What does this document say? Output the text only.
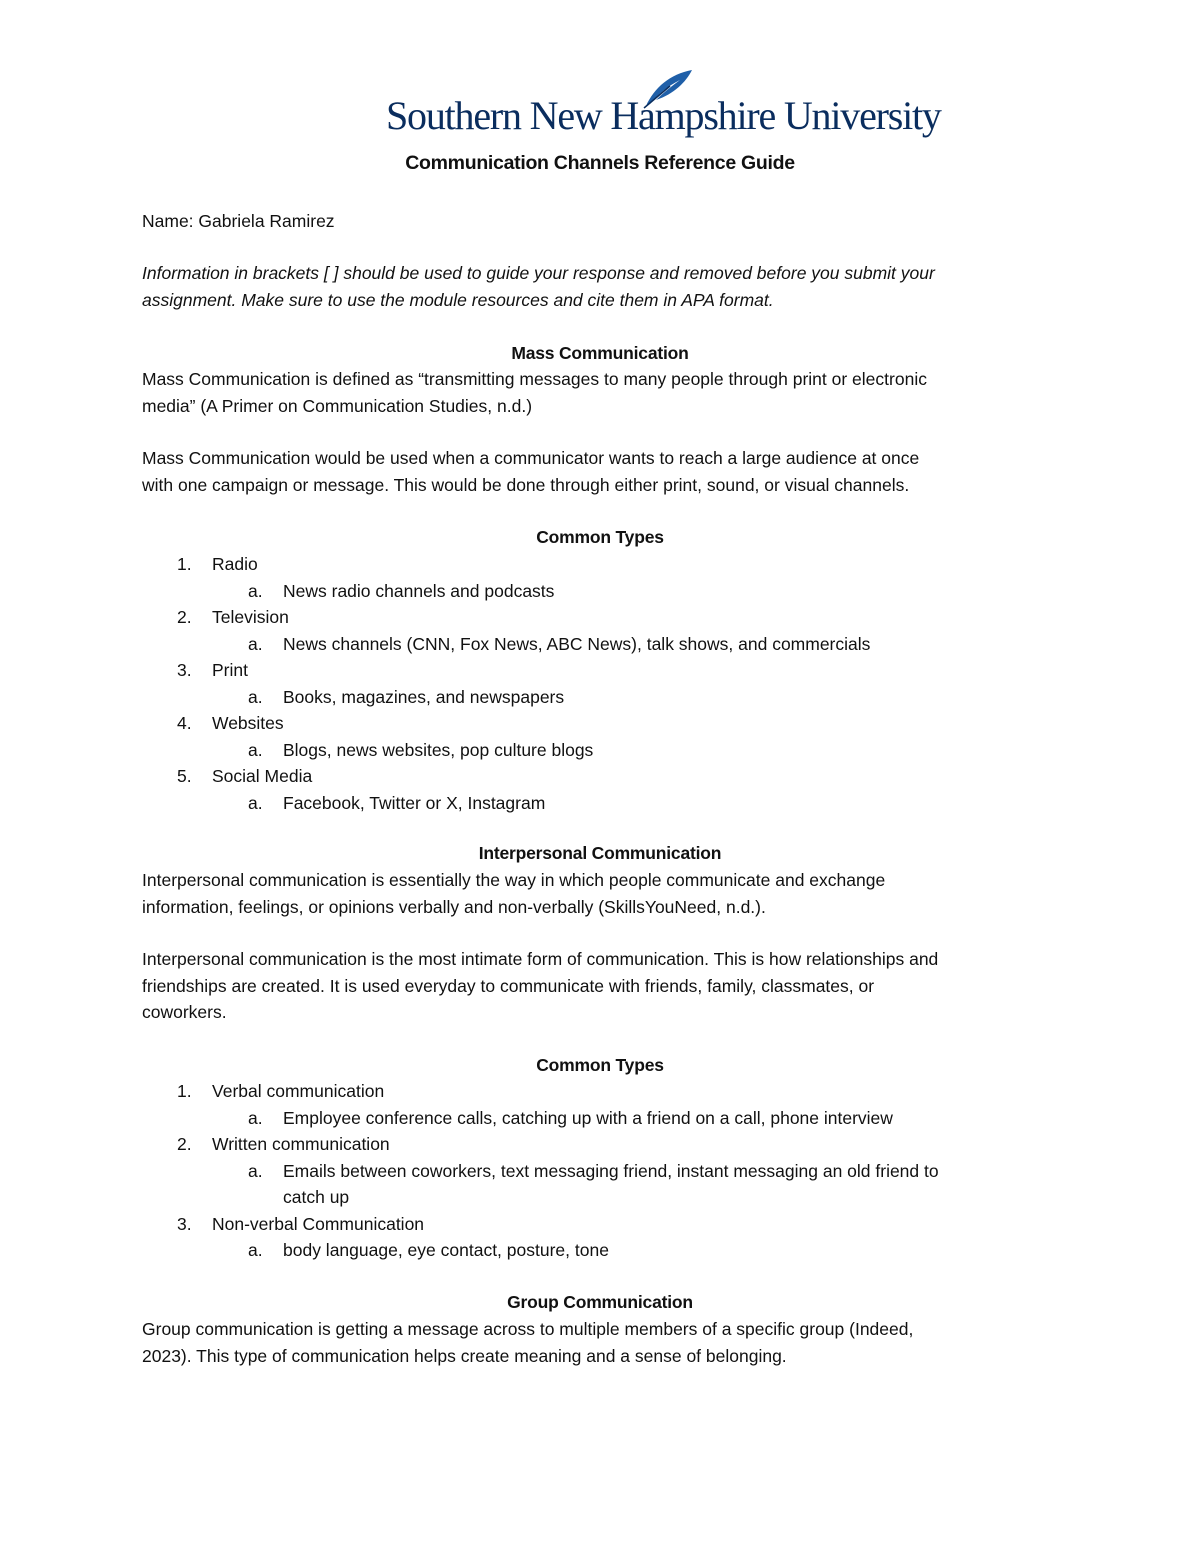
Southern New Hampshire University
Communication Channels Reference Guide
Name: Gabriela Ramirez
Information in brackets [ ] should be used to guide your response and removed before you submit your
assignment. Make sure to use the module resources and cite them in APA format.
Mass Communication
Mass Communication is defined as “transmitting messages to many people through print or electronic
media” (A Primer on Communication Studies, n.d.)
Mass Communication would be used when a communicator wants to reach a large audience at once
with one campaign or message. This would be done through either print, sound, or visual channels.
Common Types
1. Radio
a. News radio channels and podcasts
2. Television
a. News channels (CNN, Fox News, ABC News), talk shows, and commercials
3. Print
a. Books, magazines, and newspapers
4. Websites
a. Blogs, news websites, pop culture blogs
5. Social Media
a. Facebook, Twitter or X, Instagram
Interpersonal Communication
Interpersonal communication is essentially the way in which people communicate and exchange
information, feelings, or opinions verbally and non-verbally (SkillsYouNeed, n.d.).
Interpersonal communication is the most intimate form of communication. This is how relationships and
friendships are created. It is used everyday to communicate with friends, family, classmates, or
coworkers.
Common Types
1. Verbal communication
a. Employee conference calls, catching up with a friend on a call, phone interview
2. Written communication
a. Emails between coworkers, text messaging friend, instant messaging an old friend to
catch up
3. Non-verbal Communication
a. body language, eye contact, posture, tone
Group Communication
Group communication is getting a message across to multiple members of a specific group (Indeed,
2023). This type of communication helps create meaning and a sense of belonging.
